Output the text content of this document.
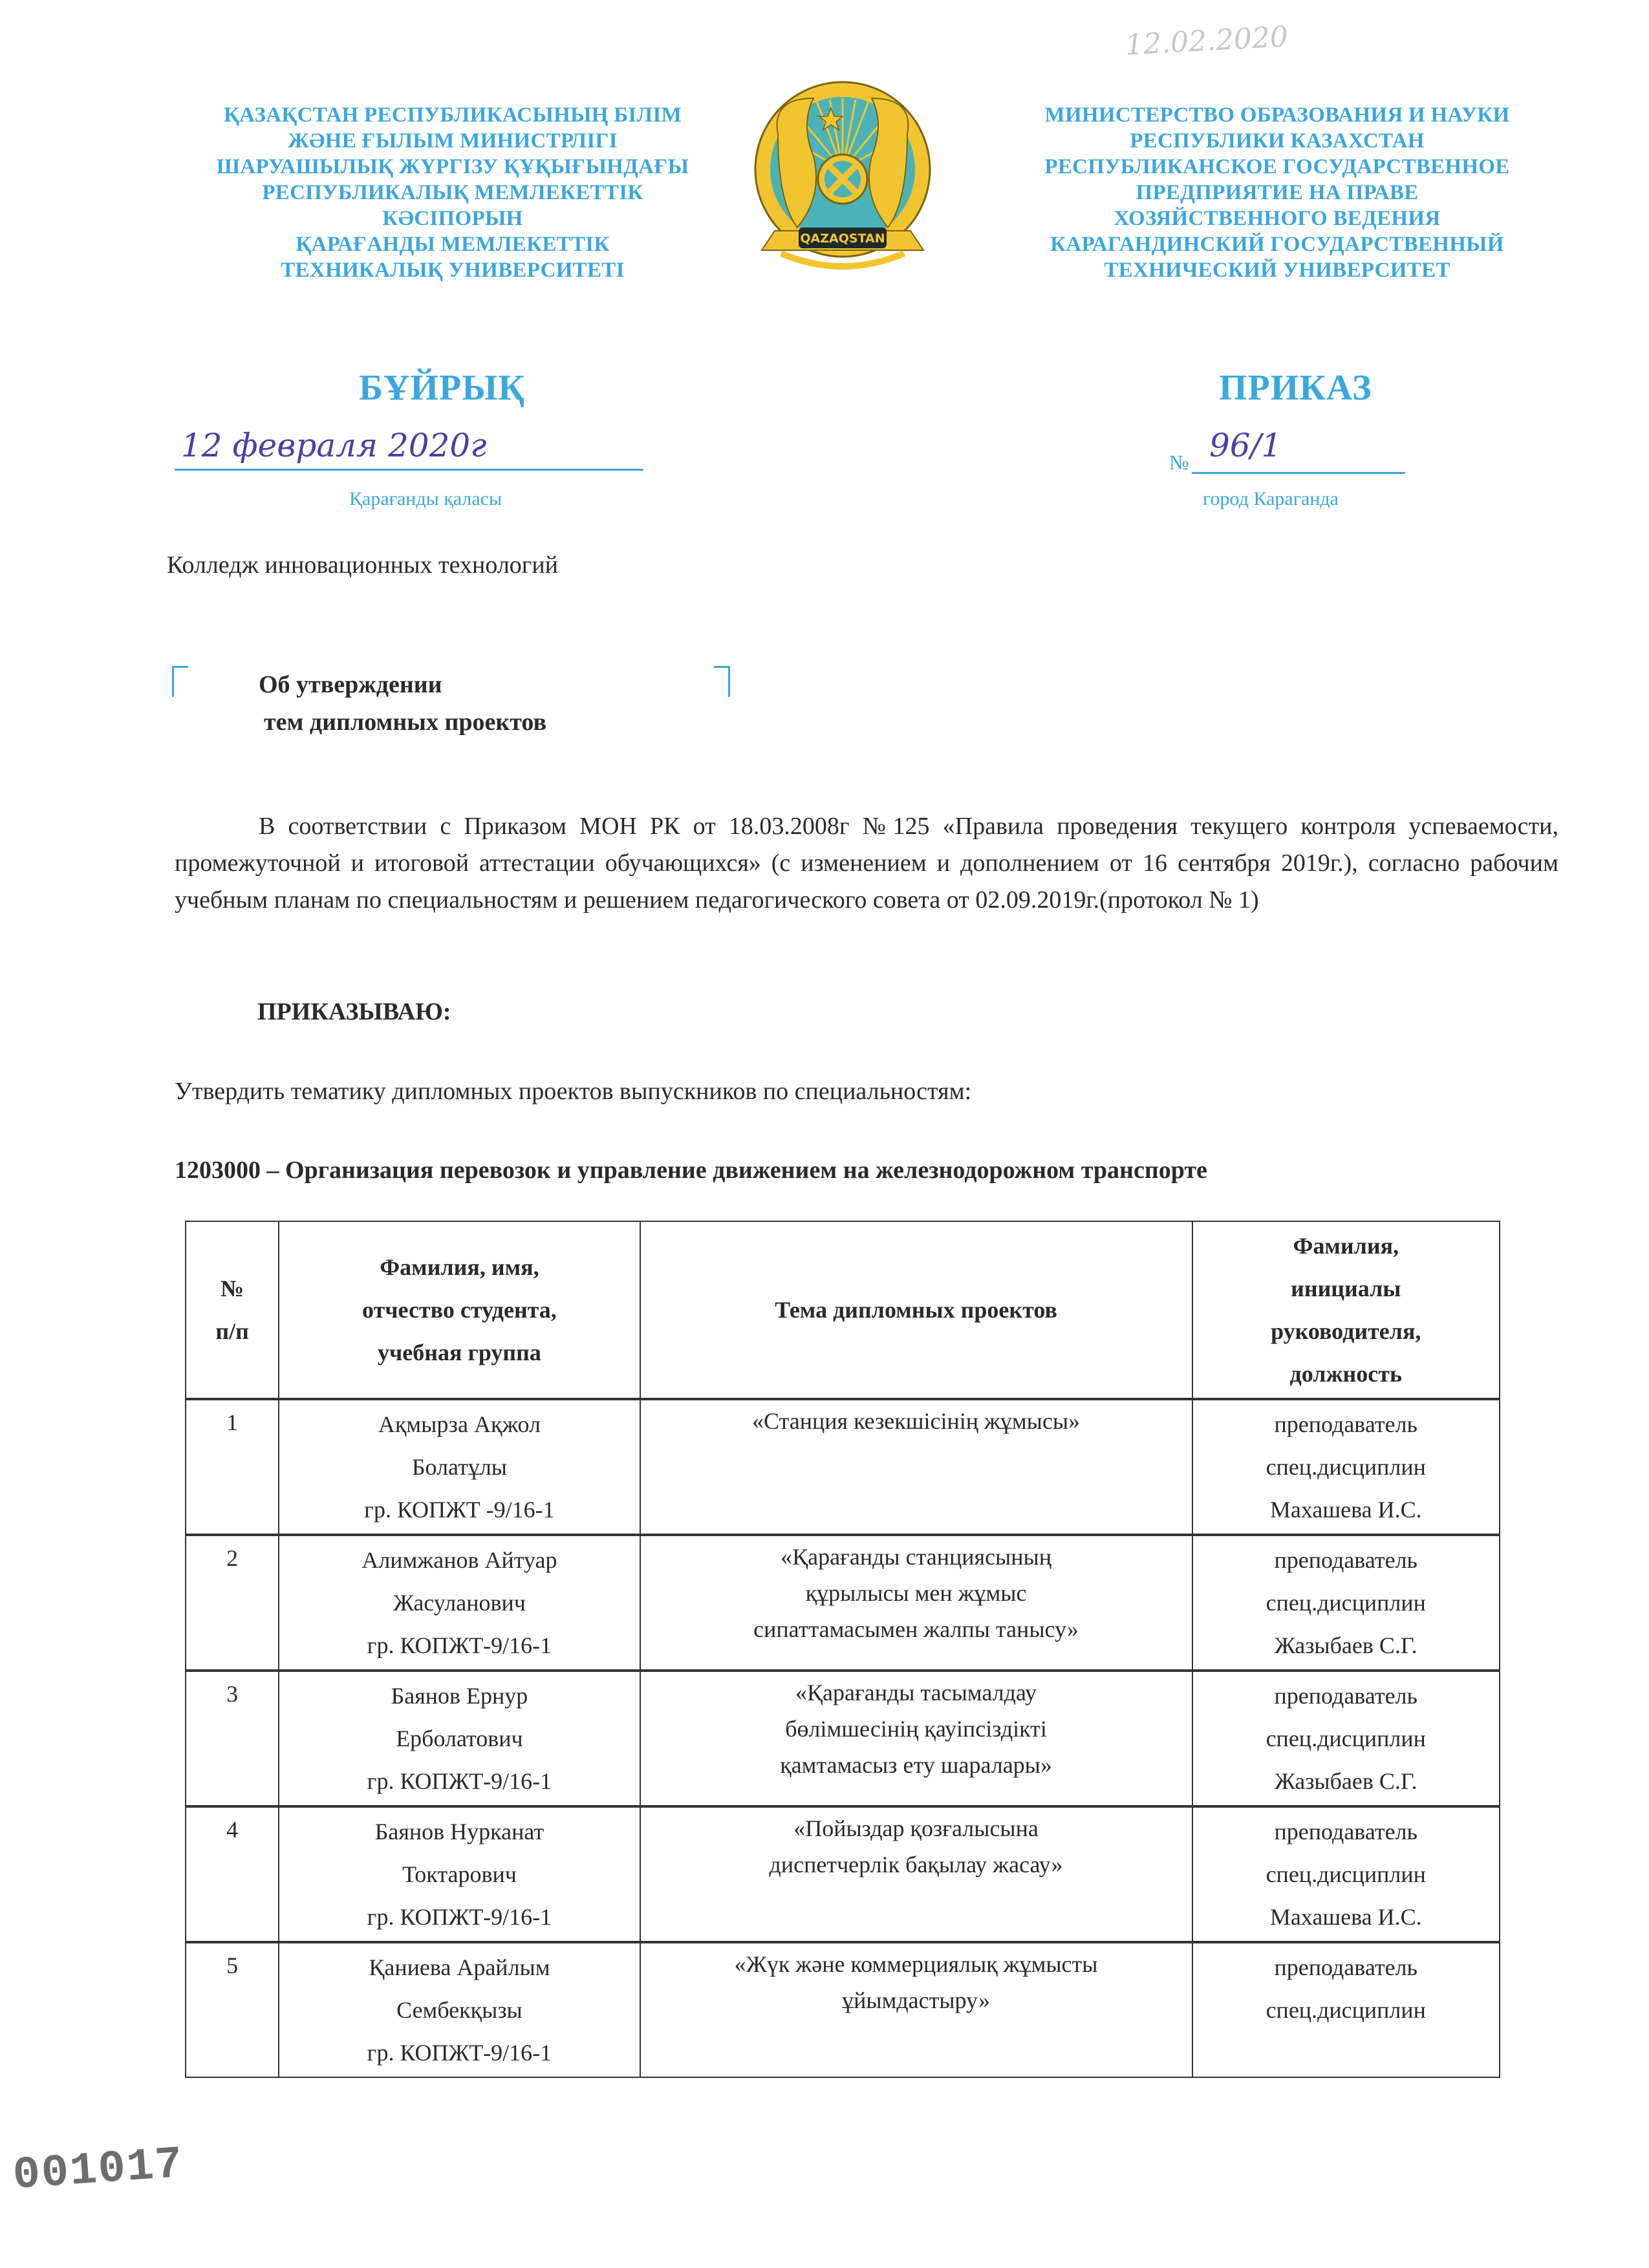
12.02.2020
ҚАЗАҚСТАН РЕСПУБЛИКАСЫНЫҢ БІЛІМ
ЖӘНЕ ҒЫЛЫМ МИНИСТРЛІГІ
ШАРУАШЫЛЫҚ ЖҮРГІЗУ ҚҰҚЫҒЫНДАҒЫ
РЕСПУБЛИКАЛЫҚ МЕМЛЕКЕТТІК
КӘСІПОРЫН
ҚАРАҒАНДЫ МЕМЛЕКЕТТІК
ТЕХНИКАЛЫҚ УНИВЕРСИТЕТІ
QAZAQSTAN
МИНИСТЕРСТВО ОБРАЗОВАНИЯ И НАУКИ
РЕСПУБЛИКИ КАЗАХСТАН
РЕСПУБЛИКАНСКОЕ ГОСУДАРСТВЕННОЕ
ПРЕДПРИЯТИЕ НА ПРАВЕ
ХОЗЯЙСТВЕННОГО ВЕДЕНИЯ
КАРАГАНДИНСКИЙ ГОСУДАРСТВЕННЫЙ
ТЕХНИЧЕСКИЙ УНИВЕРСИТЕТ
БҰЙРЫҚ	ПРИКАЗ
12 февраля 2020г
Қарағанды қаласы
№ 96/1
город Караганда
Колледж инновационных технологий
Об утверждении
тем дипломных проектов
В соответствии с Приказом МОН РК от 18.03.2008г №125 «Правила проведения текущего контроля успеваемости, промежуточной и итоговой аттестации обучающихся» (с изменением и дополнением от 16 сентября 2019г.), согласно рабочим учебным планам по специальностям и решением педагогического совета от 02.09.2019г.(протокол № 1)
ПРИКАЗЫВАЮ:
Утвердить тематику дипломных проектов выпускников по специальностям:
1203000 – Организация перевозок и управление движением на железнодорожном транспорте
№
п/п	Фамилия, имя,
отчество студента,
учебная группа	Тема дипломных проектов	Фамилия,
инициалы
руководителя,
должность

1	Ақмырза Ақжол
Болатұлы
гр. КОПЖТ -9/16-1	«Станция кезекшісінің жұмысы»	преподаватель
спец.дисциплин
Махашева И.С.

2	Алимжанов Айтуар
Жасуланович
гр. КОПЖТ-9/16-1	«Қарағанды станциясының
құрылысы мен жұмыс
сипаттамасымен жалпы танысу»	преподаватель
спец.дисциплин
Жазыбаев С.Г.

3	Баянов Ернур
Ерболатович
гр. КОПЖТ-9/16-1	«Қарағанды тасымалдау
бөлімшесінің қауіпсіздікті
қамтамасыз ету шаралары»	преподаватель
спец.дисциплин
Жазыбаев С.Г.

4	Баянов Нурканат
Токтарович
гр. КОПЖТ-9/16-1	«Пойыздар қозғалысына
диспетчерлік бақылау жасау»	преподаватель
спец.дисциплин
Махашева И.С.

5	Қаниева Арайлым
Сембекқызы
гр. КОПЖТ-9/16-1	«Жүк және коммерциялық жұмысты
ұйымдастыру»	преподаватель
спец.дисциплин
001017
